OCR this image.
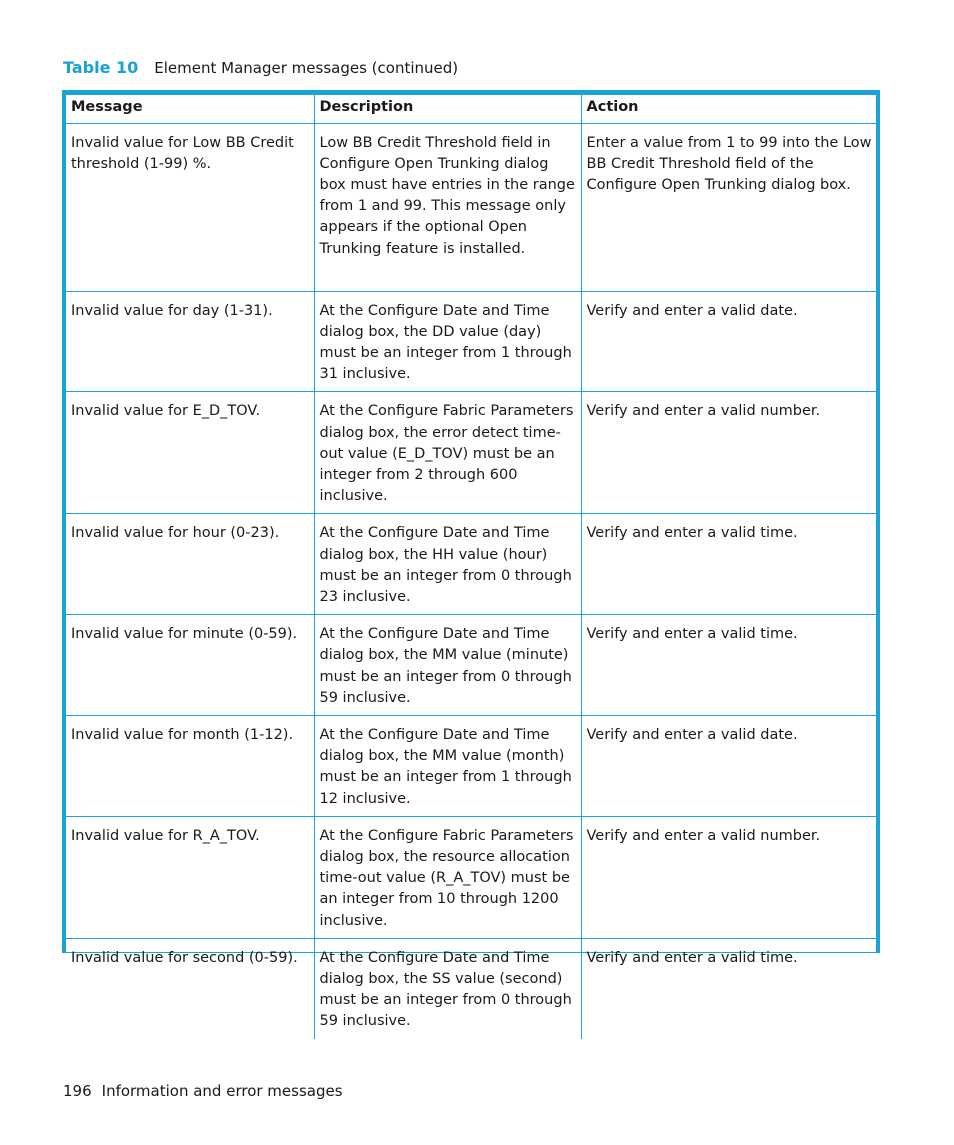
Table 10 Element Manager messages (continued)
Message	Description	Action
Invalid value for Low BB Credit threshold (1-99) %.	Low BB Credit Threshold field in Configure Open Trunking dialog box must have entries in the range from 1 and 99. This message only appears if the optional Open Trunking feature is installed.	Enter a value from 1 to 99 into the Low BB Credit Threshold field of the Configure Open Trunking dialog box.
Invalid value for day (1-31).	At the Configure Date and Time dialog box, the DD value (day) must be an integer from 1 through 31 inclusive.	Verify and enter a valid date.
Invalid value for E_D_TOV.	At the Configure Fabric Parameters dialog box, the error detect time-out value (E_D_TOV) must be an integer from 2 through 600 inclusive.	Verify and enter a valid number.
Invalid value for hour (0-23).	At the Configure Date and Time dialog box, the HH value (hour) must be an integer from 0 through 23 inclusive.	Verify and enter a valid time.
Invalid value for minute (0-59).	At the Configure Date and Time dialog box, the MM value (minute) must be an integer from 0 through 59 inclusive.	Verify and enter a valid time.
Invalid value for month (1-12).	At the Configure Date and Time dialog box, the MM value (month) must be an integer from 1 through 12 inclusive.	Verify and enter a valid date.
Invalid value for R_A_TOV.	At the Configure Fabric Parameters dialog box, the resource allocation time-out value (R_A_TOV) must be an integer from 10 through 1200 inclusive.	Verify and enter a valid number.
Invalid value for second (0-59).	At the Configure Date and Time dialog box, the SS value (second) must be an integer from 0 through 59 inclusive.	Verify and enter a valid time.
196 Information and error messages
